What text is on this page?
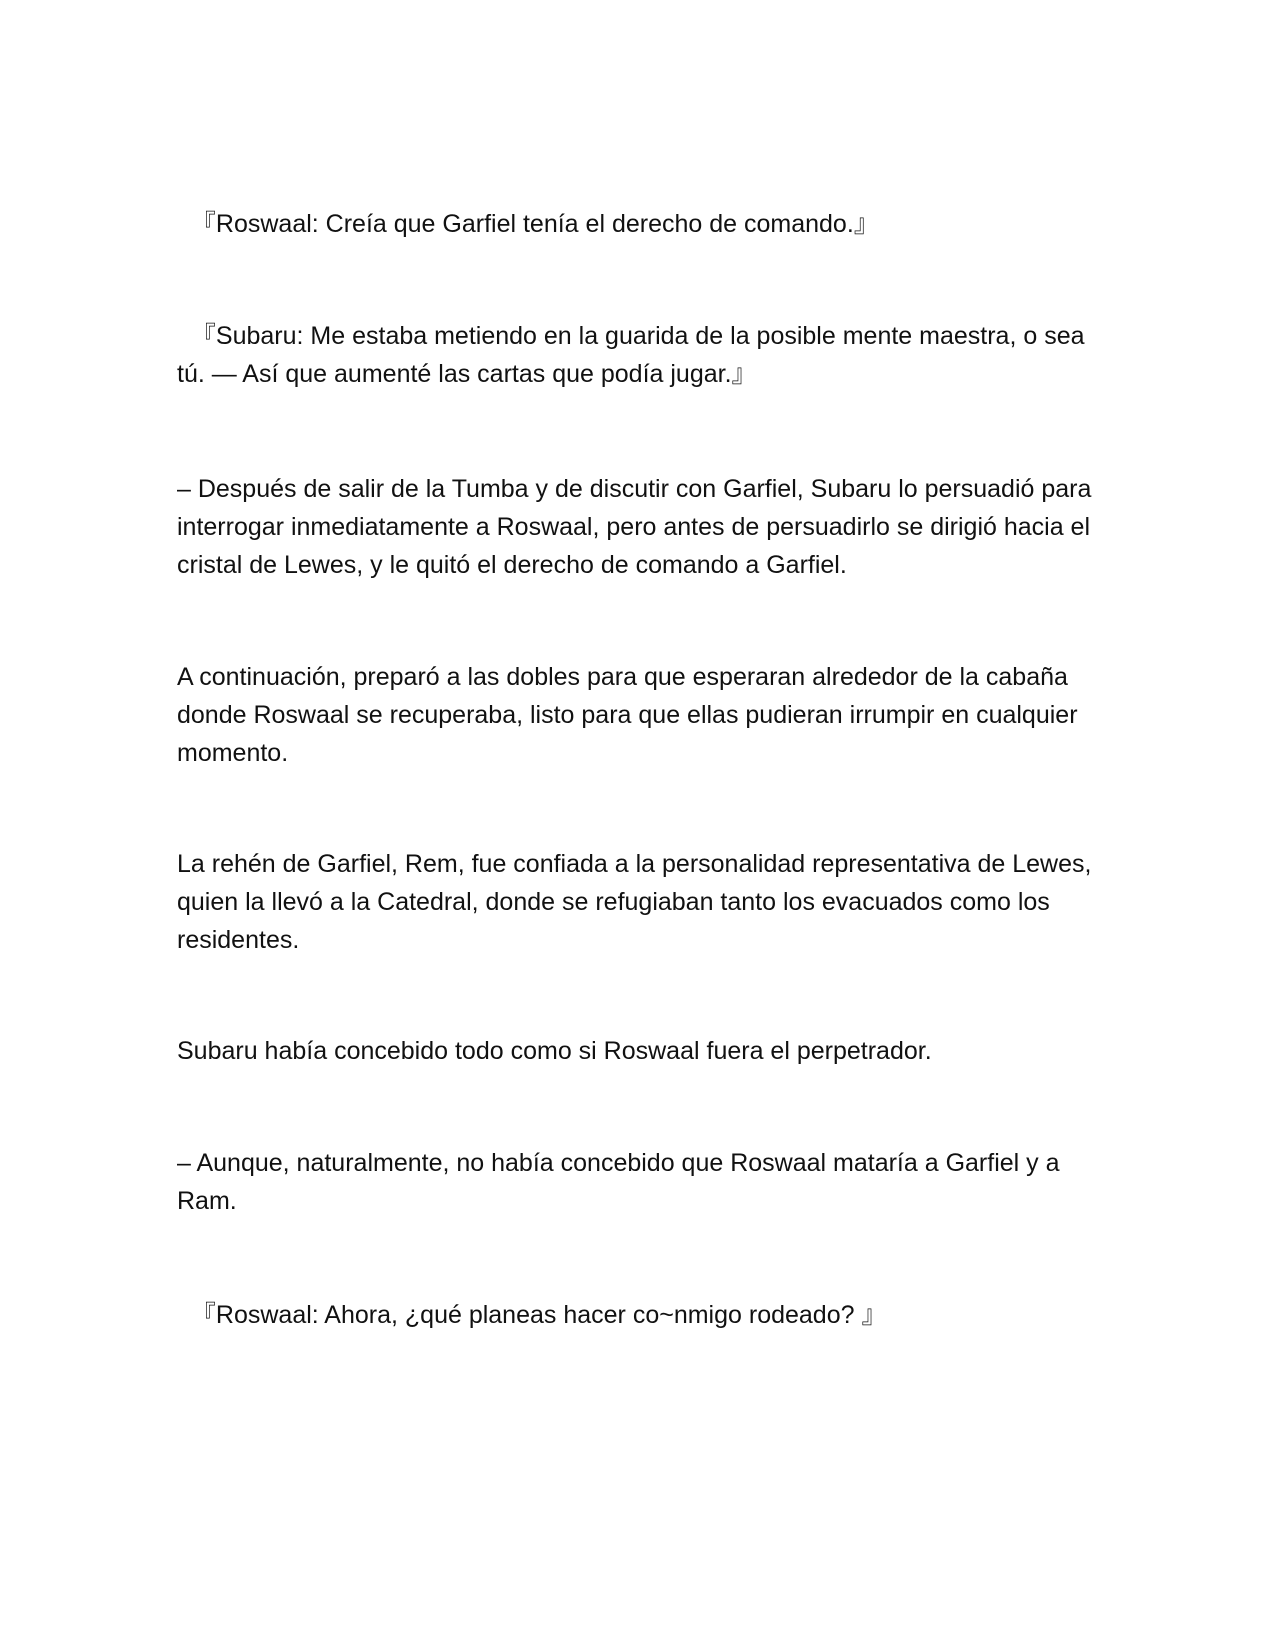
『Roswaal: Creía que Garfiel tenía el derecho de comando.』

『Subaru: Me estaba metiendo en la guarida de la posible mente maestra, o sea tú. — Así que aumenté las cartas que podía jugar.』

– Después de salir de la Tumba y de discutir con Garfiel, Subaru lo persuadió para interrogar inmediatamente a Roswaal, pero antes de persuadirlo se dirigió hacia el cristal de Lewes, y le quitó el derecho de comando a Garfiel.

A continuación, preparó a las dobles para que esperaran alrededor de la cabaña donde Roswaal se recuperaba, listo para que ellas pudieran irrumpir en cualquier momento.

La rehén de Garfiel, Rem, fue confiada a la personalidad representativa de Lewes, quien la llevó a la Catedral, donde se refugiaban tanto los evacuados como los residentes.

Subaru había concebido todo como si Roswaal fuera el perpetrador.

– Aunque, naturalmente, no había concebido que Roswaal mataría a Garfiel y a Ram.

『Roswaal: Ahora, ¿qué planeas hacer co~nmigo rodeado? 』
